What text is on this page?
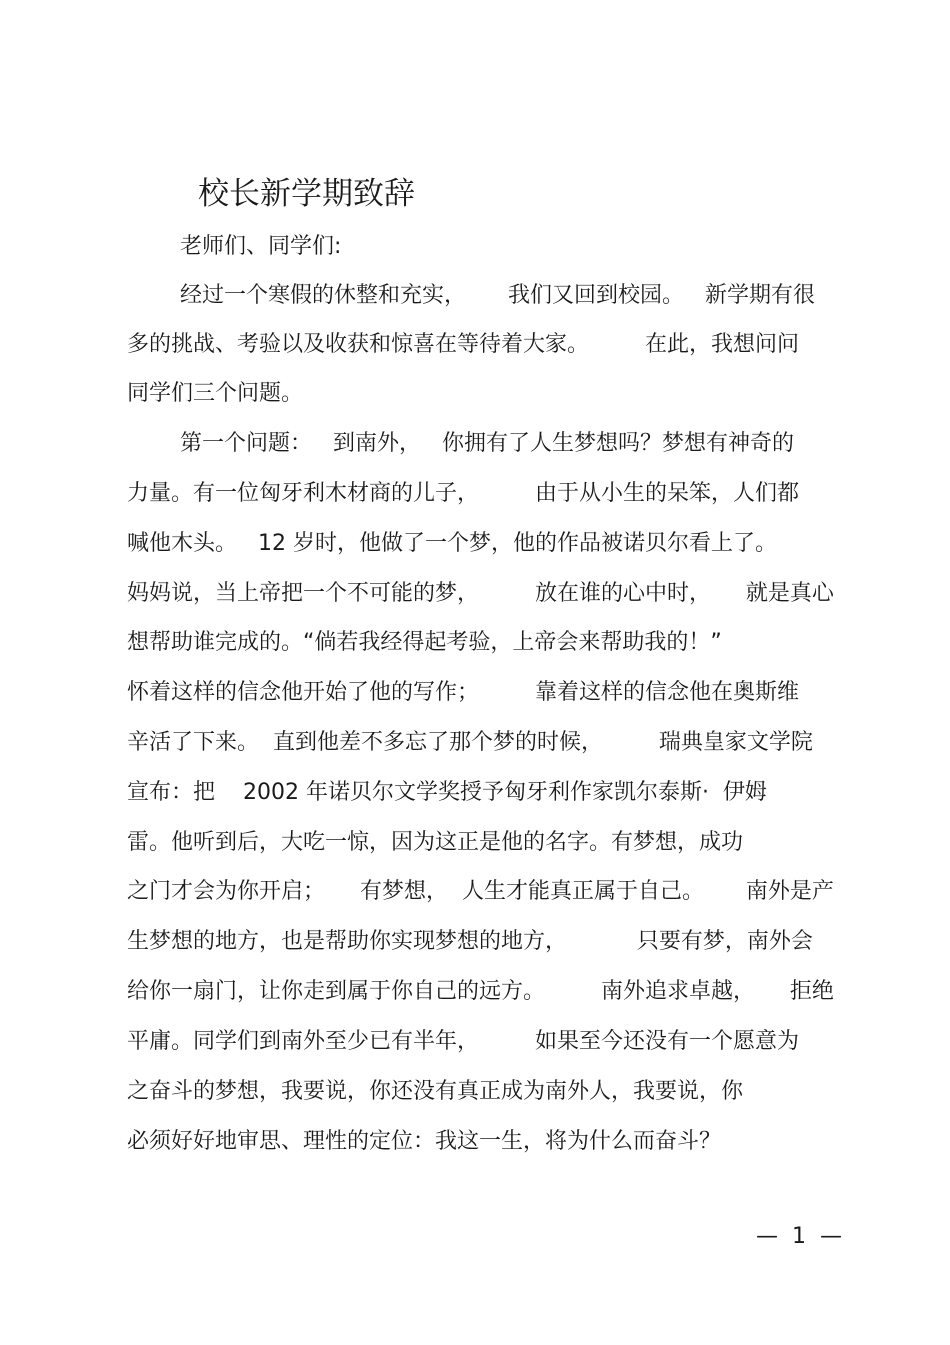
校长新学期致辞
老师们、同学们:
经过一个寒假的休整和充实，      我们又回到校园。   新学期有很
多的挑战、考验以及收获和惊喜在等待着大家。        在此，我想问问
同学们三个问题。
第一个问题：   到南外，   你拥有了人生梦想吗？梦想有神奇的
力量。有一位匈牙利木材商的儿子，        由于从小生的呆笨，人们都
喊他木头。   12 岁时，他做了一个梦，他的作品被诺贝尔看上了。
妈妈说，当上帝把一个不可能的梦，        放在谁的心中时，     就是真心
想帮助谁完成的。“倘若我经得起考验，上帝会来帮助我的！”
怀着这样的信念他开始了他的写作；        靠着这样的信念他在奥斯维
辛活了下来。  直到他差不多忘了那个梦的时候，        瑞典皇家文学院
宣布：把    2002 年诺贝尔文学奖授予匈牙利作家凯尔泰斯·  伊姆
雷。他听到后，大吃一惊，因为这正是他的名字。有梦想，成功
之门才会为你开启；     有梦想，  人生才能真正属于自己。      南外是产
生梦想的地方，也是帮助你实现梦想的地方，          只要有梦，南外会
给你一扇门，让你走到属于你自己的远方。        南外追求卓越，     拒绝
平庸。同学们到南外至少已有半年，        如果至今还没有一个愿意为
之奋斗的梦想，我要说，你还没有真正成为南外人，我要说，你
必须好好地审思、理性的定位：我这一生，将为什么而奋斗？
—  1  —
